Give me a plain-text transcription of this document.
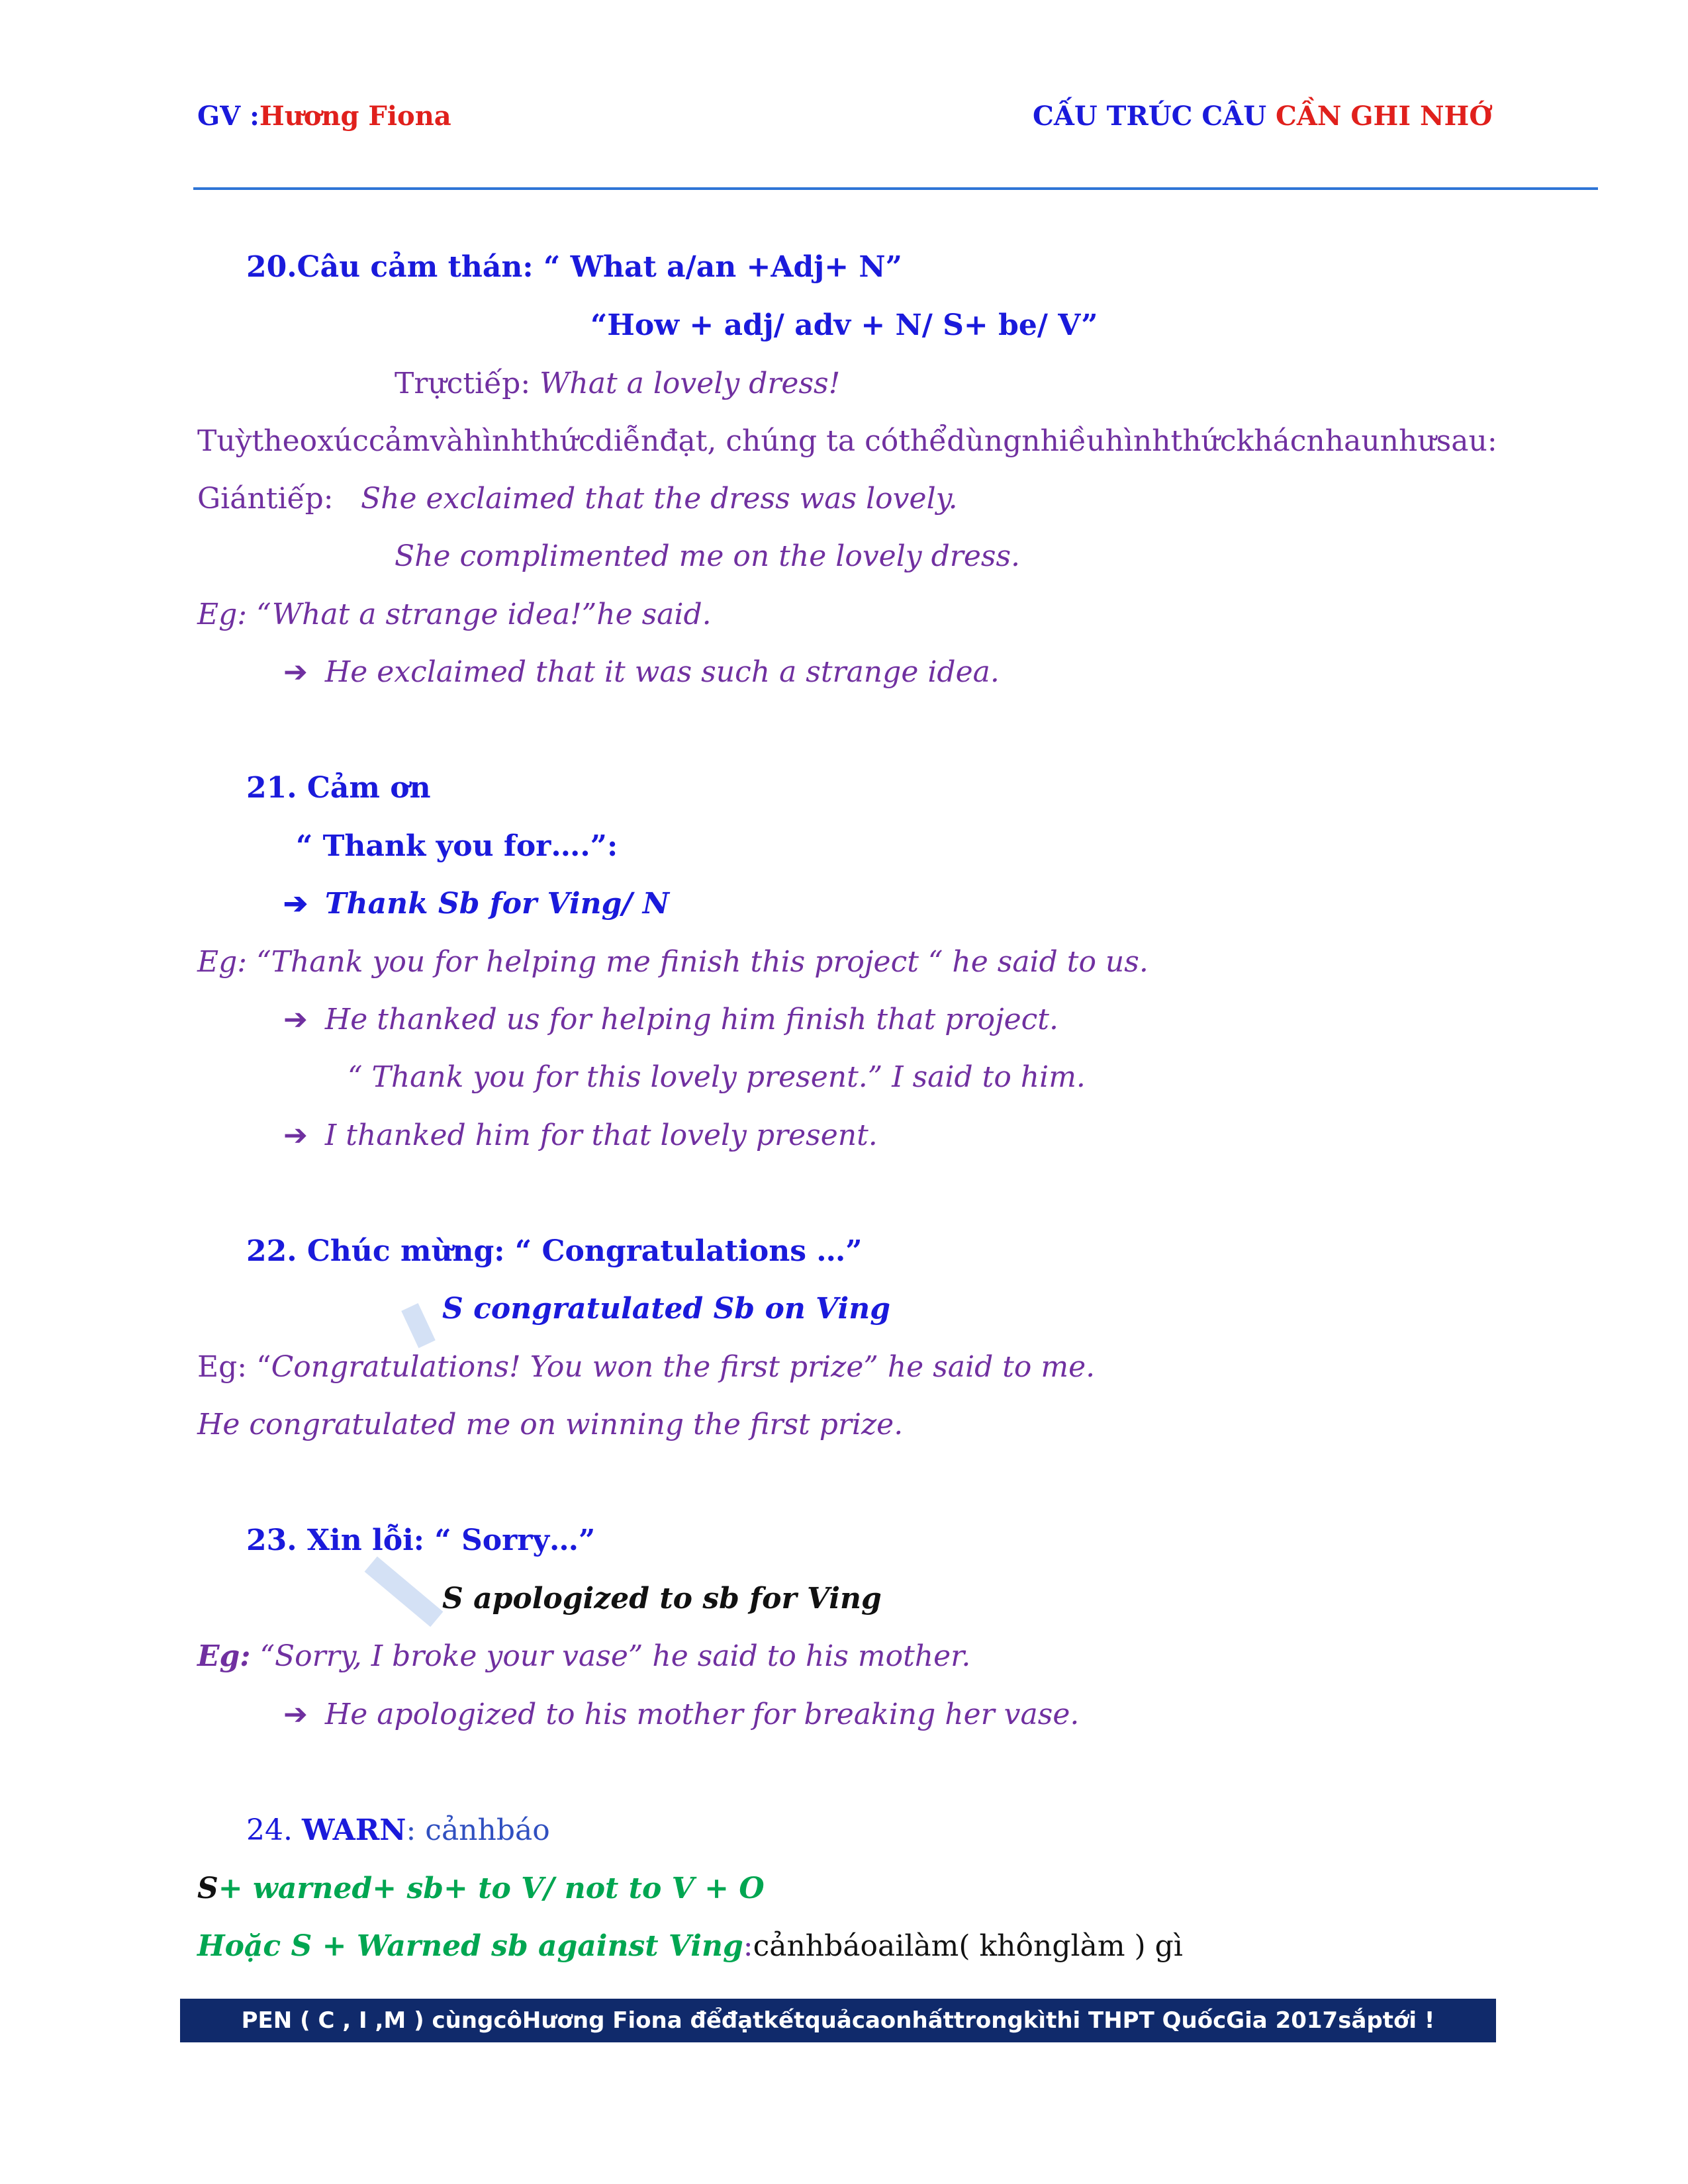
GV :Hương Fiona	CẤU TRÚC CÂU CẦN GHI NHỚ
20.Câu cảm thán: “ What a/an +Adj+ N”
“How + adj/ adv + N/ S+ be/ V”
Trựctiếp: What a lovely dress!
Tuỳtheoxúccảmvàhìnhthứcdiễnđạt, chúng ta cóthểdùngnhiềuhìnhthứckhácnhaunhưsau:
Giántiếp: She exclaimed that the dress was lovely.
She complimented me on the lovely dress.
Eg: “What a strange idea!”he said.
➔ He exclaimed that it was such a strange idea.
21. Cảm ơn
“ Thank you for….”:
➔ Thank Sb for Ving/ N
Eg: “Thank you for helping me finish this project “ he said to us.
➔ He thanked us for helping him finish that project.
“ Thank you for this lovely present.” I said to him.
➔ I thanked him for that lovely present.
22. Chúc mừng: “ Congratulations …”
S congratulated Sb on Ving
Eg: “Congratulations! You won the first prize” he said to me.
He congratulated me on winning the first prize.
23. Xin lỗi: “ Sorry…”
S apologized to sb for Ving
Eg: “Sorry, I broke your vase” he said to his mother.
➔ He apologized to his mother for breaking her vase.
24. WARN: cảnhbáo
S+ warned+ sb+ to V/ not to V + O
Hoặc S + Warned sb against Ving:cảnhbáoailàm( khônglàm ) gì
PEN ( C , I ,M ) cùngcôHương Fiona đểđạtkếtquảcaonhấttrongkìthi THPT QuốcGia 2017sắptới !
